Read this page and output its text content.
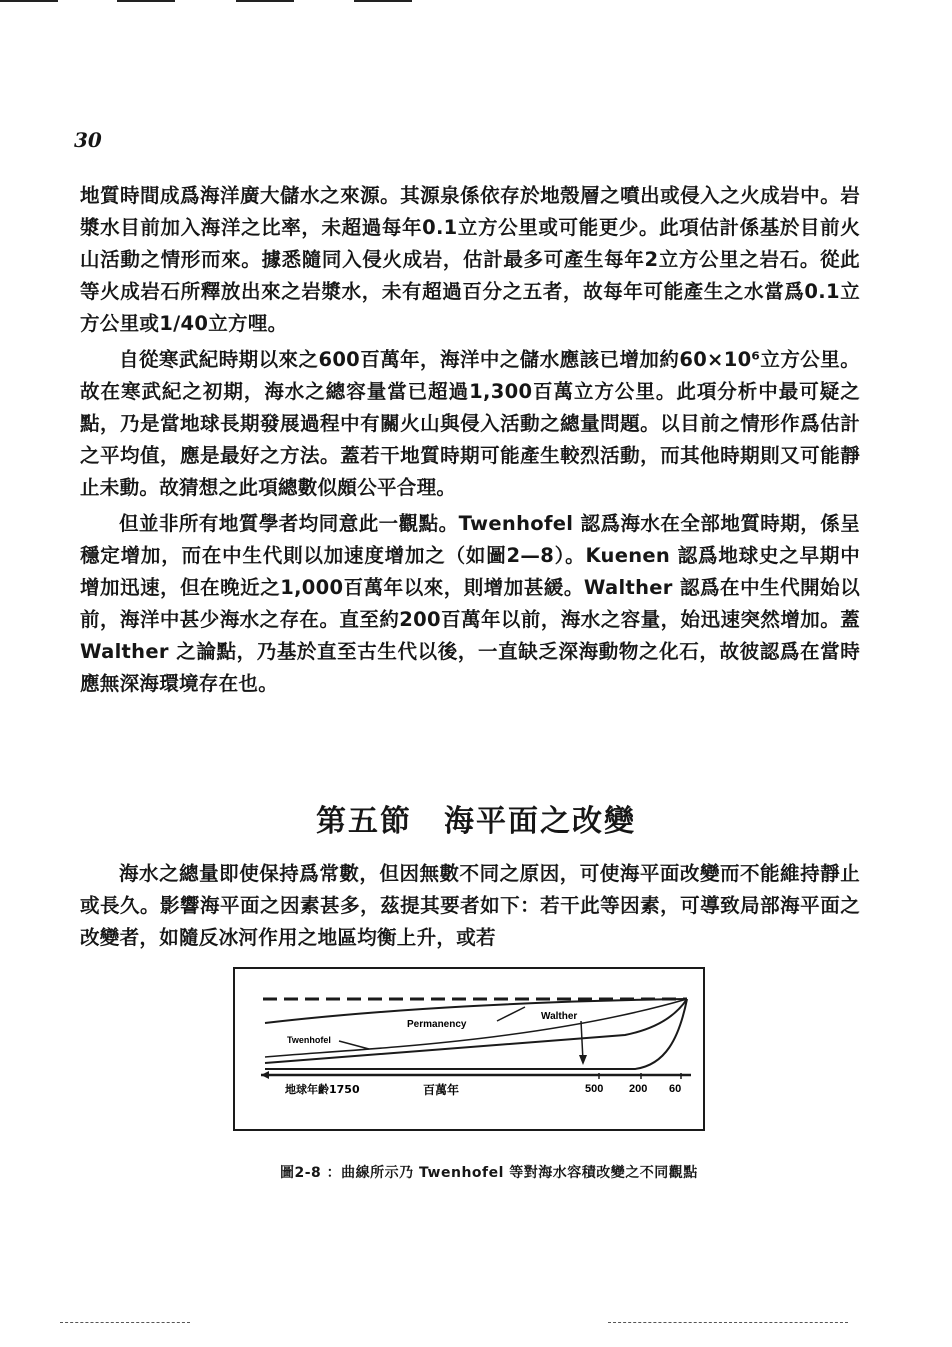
30

地質時間成爲海洋廣大儲水之來源。其源泉係依存於地殼層之噴出或侵入之火成岩中。岩漿水目前加入海洋之比率，未超過每年0.1立方公里或可能更少。此項估計係基於目前火山活動之情形而來。據悉隨同入侵火成岩，估計最多可產生每年2立方公里之岩石。從此等火成岩石所釋放出來之岩漿水，未有超過百分之五者，故每年可能產生之水當爲0.1立方公里或1/40立方哩。

自從寒武紀時期以來之600百萬年，海洋中之儲水應該已增加約60×10⁶立方公里。故在寒武紀之初期，海水之總容量當已超過1,300百萬立方公里。此項分析中最可疑之點，乃是當地球長期發展過程中有關火山與侵入活動之總量問題。以目前之情形作爲估計之平均值，應是最好之方法。蓋若干地質時期可能產生較烈活動，而其他時期則又可能靜止未動。故猜想之此項總數似頗公平合理。

但並非所有地質學者均同意此一觀點。Twenhofel 認爲海水在全部地質時期，係呈穩定增加，而在中生代則以加速度增加之（如圖2—8）。Kuenen 認爲地球史之早期中增加迅速，但在晚近之1,000百萬年以來，則增加甚緩。Walther 認爲在中生代開始以前，海洋中甚少海水之存在。直至約200百萬年以前，海水之容量，始迅速突然增加。蓋 Walther 之論點，乃基於直至古生代以後，一直缺乏深海動物之化石，故彼認爲在當時應無深海環境存在也。

第五節　海平面之改變

海水之總量即使保持爲常數，但因無數不同之原因，可使海平面改變而不能維持靜止或長久。影響海平面之因素甚多，茲提其要者如下：若干此等因素，可導致局部海平面之改變者，如隨反冰河作用之地區均衡上升，或若

Permanency
Walther
Twenhofel
地球年齡1750	百萬年	500 200 60
圖2-8 ：曲線所示乃 Twenhofel 等對海水容積改變之不同觀點
